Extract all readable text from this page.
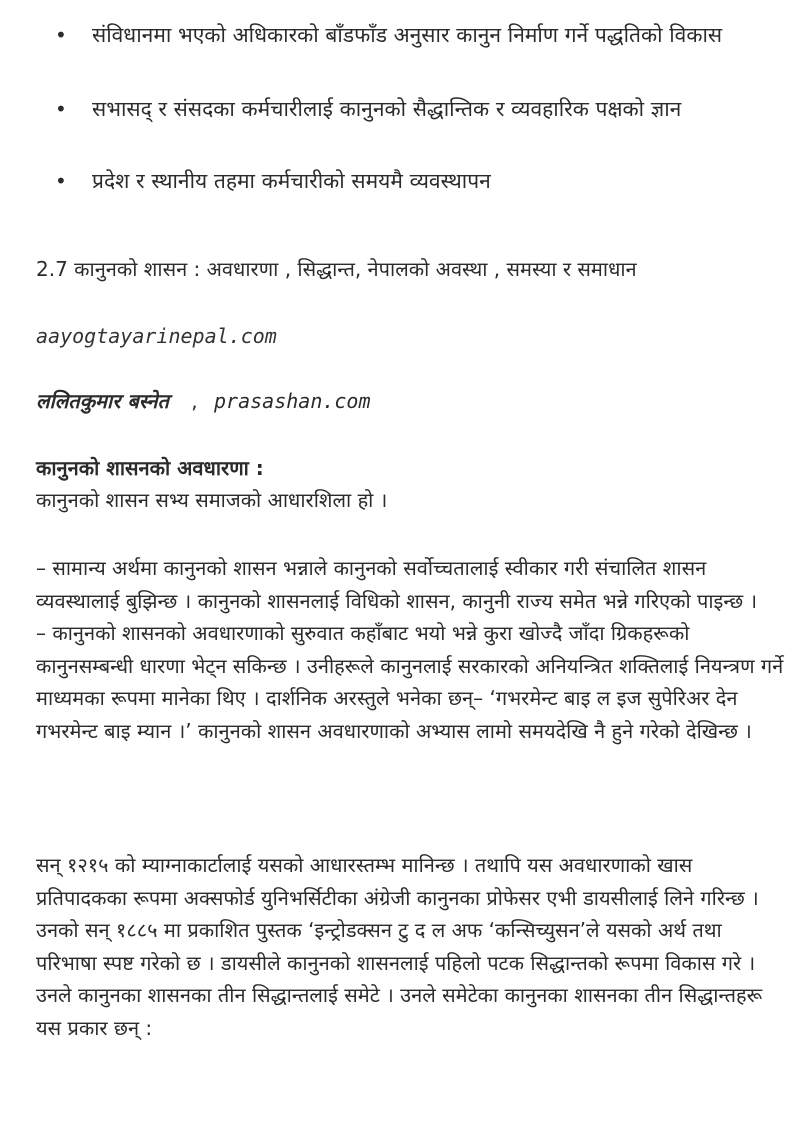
• संविधानमा भएको अधिकारको बाँडफाँड अनुसार कानुन निर्माण गर्ने पद्धतिको विकास
• सभासद् र संसदका कर्मचारीलाई कानुनको सैद्धान्तिक र व्यवहारिक पक्षको ज्ञान
• प्रदेश र स्थानीय तहमा कर्मचारीको समयमै व्यवस्थापन
2.7 कानुनको शासन : अवधारणा , सिद्धान्त, नेपालको अवस्था , समस्या र समाधान
aayogtayarinepal.com
ललितकुमार बस्नेत , prasashan.com
कानुनको शासनको अवधारणा :
कानुनको शासन सभ्य समाजको आधारशिला हो ।

– सामान्य अर्थमा कानुनको शासन भन्नाले कानुनको सर्वोच्चतालाई स्वीकार गरी संचालित शासन व्यवस्थालाई बुझिन्छ । कानुनको शासनलाई विधिको शासन, कानुनी राज्य समेत भन्ने गरिएको पाइन्छ ।

– कानुनको शासनको अवधारणाको सुरुवात कहाँबाट भयो भन्ने कुरा खोज्दै जाँदा ग्रिकहरूको कानुनसम्बन्धी धारणा भेट्न सकिन्छ । उनीहरूले कानुनलाई सरकारको अनियन्त्रित शक्तिलाई नियन्त्रण गर्ने माध्यमका रूपमा मानेका थिए । दार्शनिक अरस्तुले भनेका छन्– ‘गभरमेन्ट बाइ ल इज सुपेरिअर देन गभरमेन्ट बाइ म्यान ।’ कानुनको शासन अवधारणाको अभ्यास लामो समयदेखि नै हुने गरेको देखिन्छ ।

सन् १२१५ को म्याग्नाकार्टालाई यसको आधारस्तम्भ मानिन्छ । तथापि यस अवधारणाको खास प्रतिपादकका रूपमा अक्सफोर्ड युनिभर्सिटीका अंग्रेजी कानुनका प्रोफेसर एभी डायसीलाई लिने गरिन्छ । उनको सन् १८८५ मा प्रकाशित पुस्तक ‘इन्ट्रोडक्सन टु द ल अफ ‘कन्सिच्युसन’ले यसको अर्थ तथा परिभाषा स्पष्ट गरेको छ । डायसीले कानुनको शासनलाई पहिलो पटक सिद्धान्तको रूपमा विकास गरे । उनले कानुनका शासनका तीन सिद्धान्तलाई समेटे । उनले समेटेका कानुनका शासनका तीन सिद्धान्तहरू यस प्रकार छन् :
